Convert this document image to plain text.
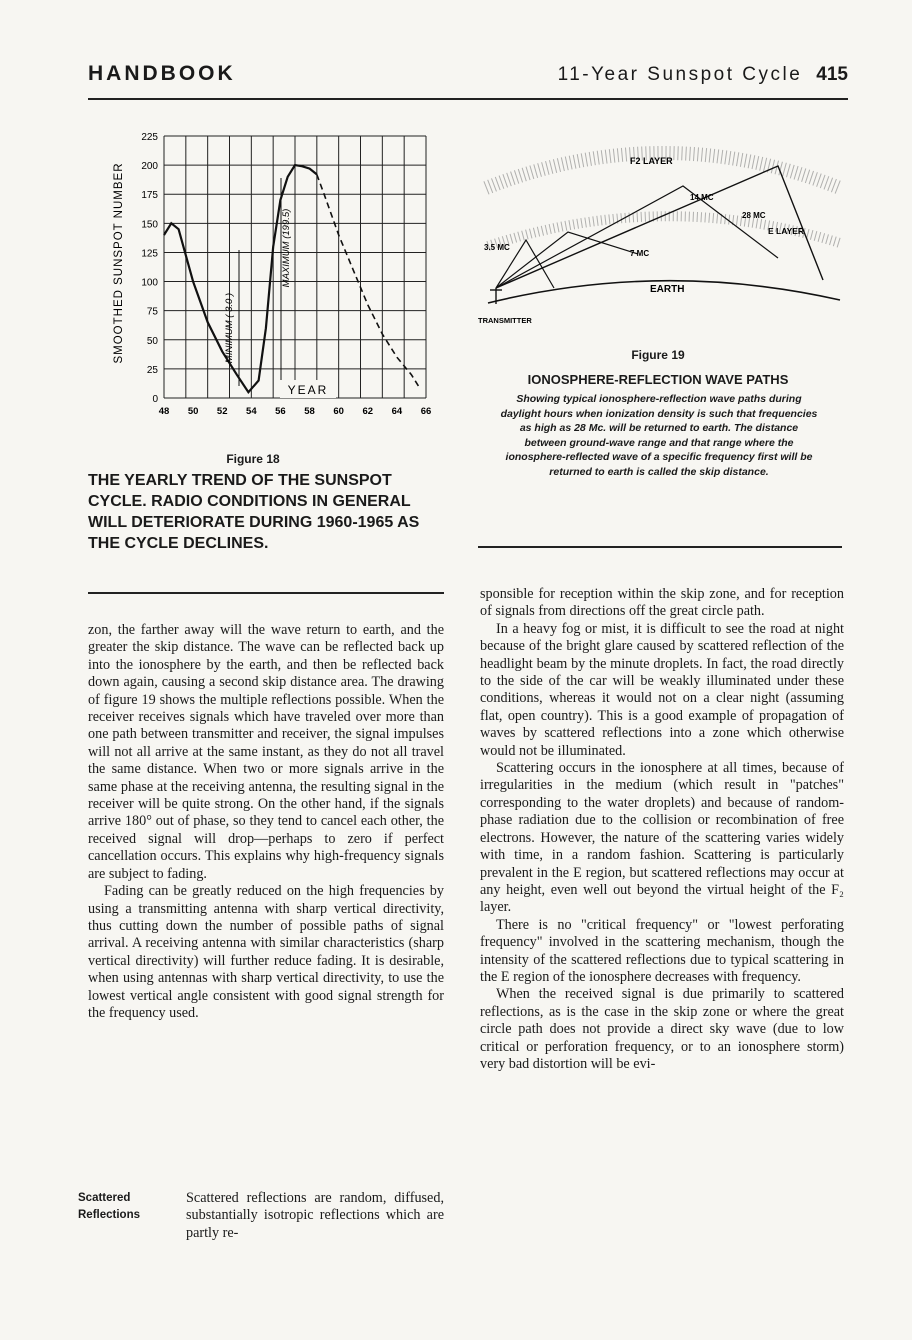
HANDBOOK	11-Year Sunspot Cycle 415
0
25
50
75
100
125
150
175
200
225
48 50 52 54 56 58 60 62 64 66
SMOOTHED SUNSPOT NUMBER	MINIMUM ( 3.0 )
MAXIMUM (199.5)
YEAR
Figure 18
THE YEARLY TREND OF THE SUNSPOT CYCLE. RADIO CONDITIONS IN GENERAL WILL DETERIORATE DURING 1960-1965 AS THE CYCLE DECLINES.
F2 LAYER
E LAYER
EARTH
TRANSMITTER
3.5 MC
7 MC
14 MC
28 MC
Figure 19
IONOSPHERE-REFLECTION WAVE PATHS
Showing typical ionosphere-reflection wave paths during daylight hours when ionization density is such that frequencies as high as 28 Mc. will be returned to earth. The distance between ground-wave range and that range where the ionosphere-reflected wave of a specific frequency first will be returned to earth is called the skip distance.

zon, the farther away will the wave return to earth, and the greater the skip distance. The wave can be reflected back up into the ionosphere by the earth, and then be reflected back down again, causing a second skip distance area. The drawing of figure 19 shows the multiple reflections possible. When the receiver receives signals which have traveled over more than one path between transmitter and receiver, the signal impulses will not all arrive at the same instant, as they do not all travel the same distance. When two or more signals arrive in the same phase at the receiving antenna, the resulting signal in the receiver will be quite strong. On the other hand, if the signals arrive 180° out of phase, so they tend to cancel each other, the received signal will drop—perhaps to zero if perfect cancellation occurs. This explains why high-frequency signals are subject to fading.

Fading can be greatly reduced on the high frequencies by using a transmitting antenna with sharp vertical directivity, thus cutting down the number of possible paths of signal arrival. A receiving antenna with similar characteristics (sharp vertical directivity) will further reduce fading. It is desirable, when using antennas with sharp vertical directivity, to use the lowest vertical angle consistent with good signal strength for the frequency used.

Scattered
Reflections

Scattered reflections are random, diffused, substantially isotropic reflections which are partly re-

sponsible for reception within the skip zone, and for reception of signals from directions off the great circle path.

In a heavy fog or mist, it is difficult to see the road at night because of the bright glare caused by scattered reflection of the headlight beam by the minute droplets. In fact, the road directly to the side of the car will be weakly illuminated under these conditions, whereas it would not on a clear night (assuming flat, open country). This is a good example of propagation of waves by scattered reflections into a zone which otherwise would not be illuminated.

Scattering occurs in the ionosphere at all times, because of irregularities in the medium (which result in "patches" corresponding to the water droplets) and because of random-phase radiation due to the collision or recombination of free electrons. However, the nature of the scattering varies widely with time, in a random fashion. Scattering is particularly prevalent in the E region, but scattered reflections may occur at any height, even well out beyond the virtual height of the F₂ layer.

There is no "critical frequency" or "lowest perforating frequency" involved in the scattering mechanism, though the intensity of the scattered reflections due to typical scattering in the E region of the ionosphere decreases with frequency.

When the received signal is due primarily to scattered reflections, as is the case in the skip zone or where the great circle path does not provide a direct sky wave (due to low critical or perforation frequency, or to an ionosphere storm) very bad distortion will be evi-
